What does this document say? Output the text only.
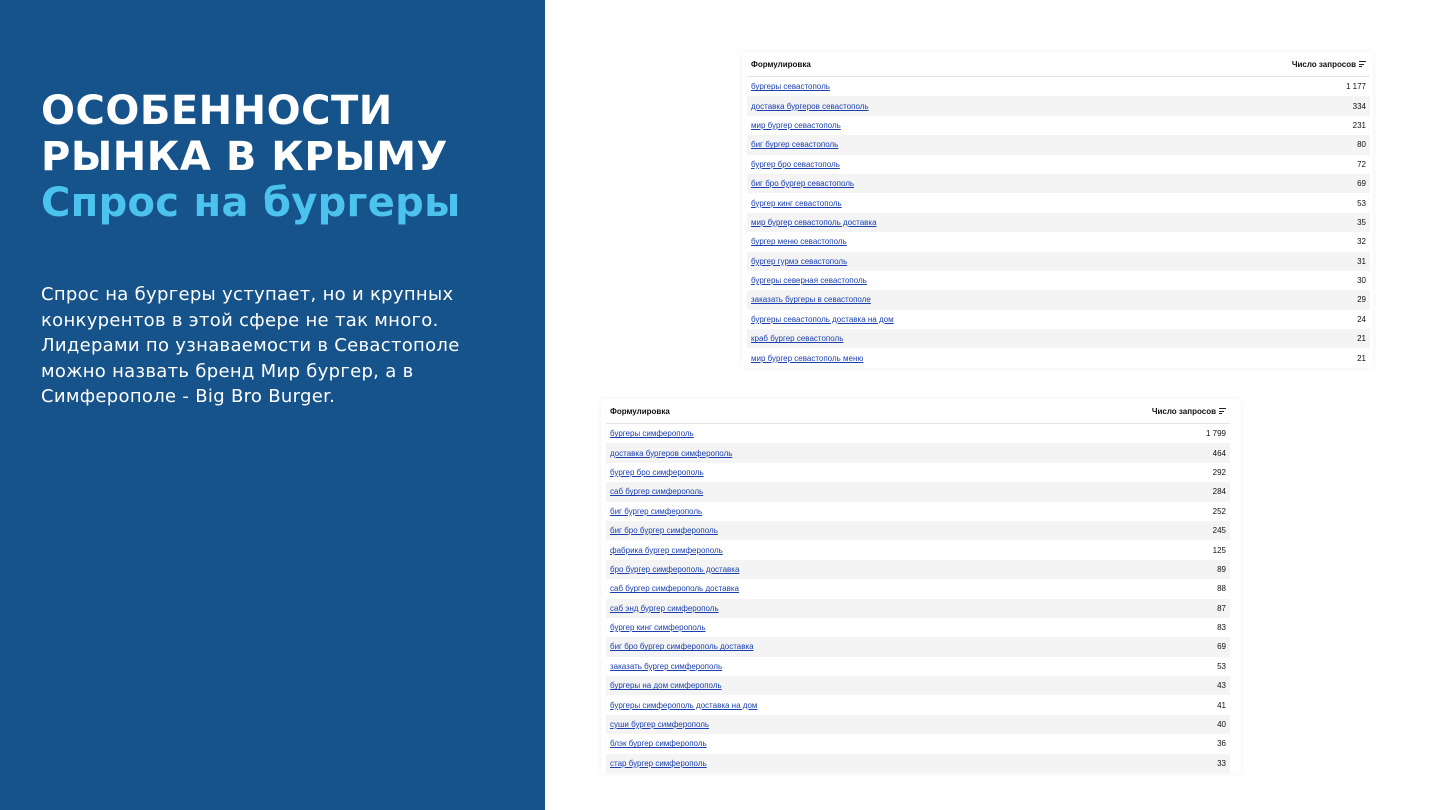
ОСОБЕННОСТИ
РЫНКА В КРЫМУ
Спрос на бургеры

Спрос на бургеры уступает, но и крупных конкурентов в этой сфере не так много. Лидерами по узнаваемости в Севастополе можно назвать бренд Мир бургер, а в Симферополе - Big Bro Burger.

Формулировка	Число запросов
бургеры севастополь	1 177
доставка бургеров севастополь	334
мир бургер севастополь	231
биг бургер севастополь	80
бургер бро севастополь	72
биг бро бургер севастополь	69
бургер кинг севастополь	53
мир бургер севастополь доставка	35
бургер меню севастополь	32
бургер гурмэ севастополь	31
бургеры северная севастополь	30
заказать бургеры в севастополе	29
бургеры севастополь доставка на дом	24
краб бургер севастополь	21
мир бургер севастополь меню	21
Формулировка	Число запросов
бургеры симферополь	1 799
доставка бургеров симферополь	464
бургер бро симферополь	292
саб бургер симферополь	284
биг бургер симферополь	252
биг бро бургер симферополь	245
фабрика бургер симферополь	125
бро бургер симферополь доставка	89
саб бургер симферополь доставка	88
саб энд бургер симферополь	87
бургер кинг симферополь	83
биг бро бургер симферополь доставка	69
заказать бургер симферополь	53
бургеры на дом симферополь	43
бургеры симферополь доставка на дом	41
суши бургер симферополь	40
блэк бургер симферополь	36
стар бургер симферополь	33
